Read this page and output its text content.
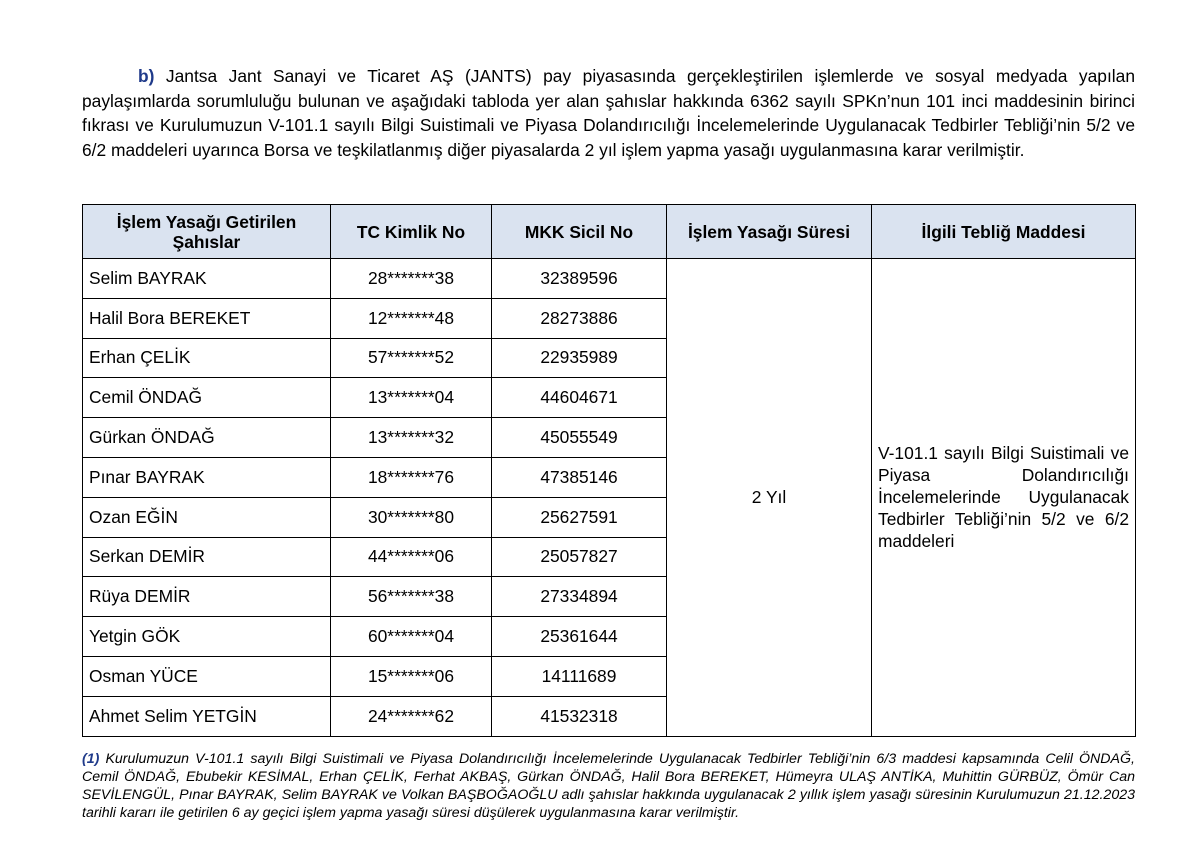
b) Jantsa Jant Sanayi ve Ticaret AŞ (JANTS) pay piyasasında gerçekleştirilen işlemlerde ve sosyal medyada yapılan paylaşımlarda sorumluluğu bulunan ve aşağıdaki tabloda yer alan şahıslar hakkında 6362 sayılı SPKn’nun 101 inci maddesinin birinci fıkrası ve Kurulumuzun V-101.1 sayılı Bilgi Suistimali ve Piyasa Dolandırıcılığı İncelemelerinde Uygulanacak Tedbirler Tebliği’nin 5/2 ve 6/2 maddeleri uyarınca Borsa ve teşkilatlanmış diğer piyasalarda 2 yıl işlem yapma yasağı uygulanmasına karar verilmiştir.

İşlem Yasağı Getirilen Şahıslar	TC Kimlik No	MKK Sicil No	İşlem Yasağı Süresi	İlgili Tebliğ Maddesi
Selim BAYRAK	28*******38	32389596	2 Yıl	V-101.1 sayılı Bilgi Suistimali ve Piyasa Dolandırıcılığı İncelemelerinde Uygulanacak Tedbirler Tebliği’nin 5/2 ve 6/2 maddeleri
Halil Bora BEREKET	12*******48	28273886		
Erhan ÇELİK	57*******52	22935989		
Cemil ÖNDAĞ	13*******04	44604671		
Gürkan ÖNDAĞ	13*******32	45055549		
Pınar BAYRAK	18*******76	47385146		
Ozan EĞİN	30*******80	25627591		
Serkan DEMİR	44*******06	25057827		
Rüya DEMİR	56*******38	27334894		
Yetgin GÖK	60*******04	25361644		
Osman YÜCE	15*******06	14111689		
Ahmet Selim YETGİN	24*******62	41532318		

(1) Kurulumuzun V-101.1 sayılı Bilgi Suistimali ve Piyasa Dolandırıcılığı İncelemelerinde Uygulanacak Tedbirler Tebliği’nin 6/3 maddesi kapsamında Celil ÖNDAĞ, Cemil ÖNDAĞ, Ebubekir KESİMAL, Erhan ÇELİK, Ferhat AKBAŞ, Gürkan ÖNDAĞ, Halil Bora BEREKET, Hümeyra ULAŞ ANTİKA, Muhittin GÜRBÜZ, Ömür Can SEVİLENGÜL, Pınar BAYRAK, Selim BAYRAK ve Volkan BAŞBOĞAOĞLU adlı şahıslar hakkında uygulanacak 2 yıllık işlem yasağı süresinin Kurulumuzun 21.12.2023 tarihli kararı ile getirilen 6 ay geçici işlem yapma yasağı süresi düşülerek uygulanmasına karar verilmiştir.
